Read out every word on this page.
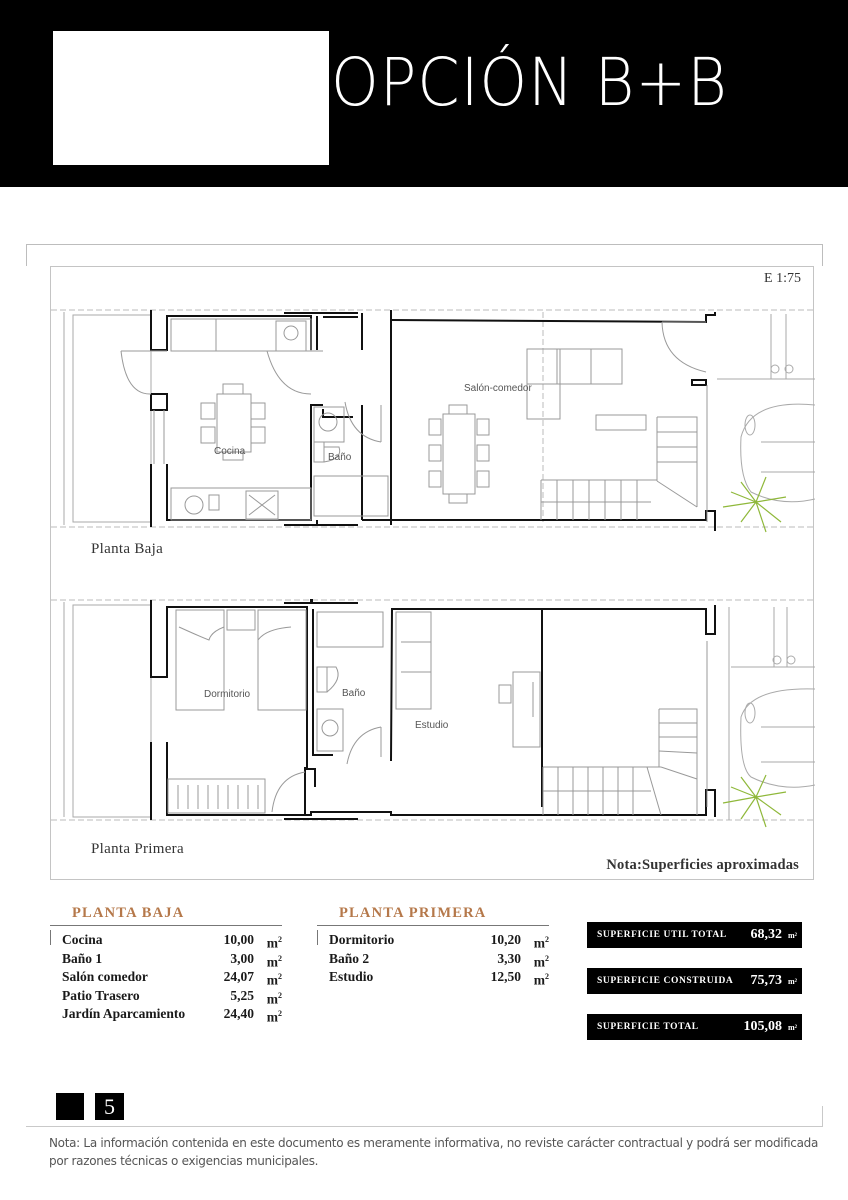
OPCIÓN B+B
E 1:75
Cocina
Baño
Salón-comedor
Dormitorio	Baño
Estudio
Planta Baja
Planta Primera
Nota:Superficies aproximadas
PLANTA BAJA
Cocina	10,00 $m^2$
Baño 1	3,00 $m^2$
Salón comedor	24,07 $m^2$
Patio Trasero	5,25 $m^2$
Jardín Aparcamiento	24,40 $m^2$
PLANTA PRIMERA
Dormitorio	10,20 $m^2$
Baño 2	3,30 $m^2$
Estudio	12,50 $m^2$
SUPERFICIE UTIL TOTAL	68,32 m²
SUPERFICIE CONSTRUIDA	75,73 m²
SUPERFICIE TOTAL	105,08 m²
5
Nota: La información contenida en este documento es meramente informativa, no reviste carácter contractual y podrá ser modificada por razones técnicas o exigencias municipales.
